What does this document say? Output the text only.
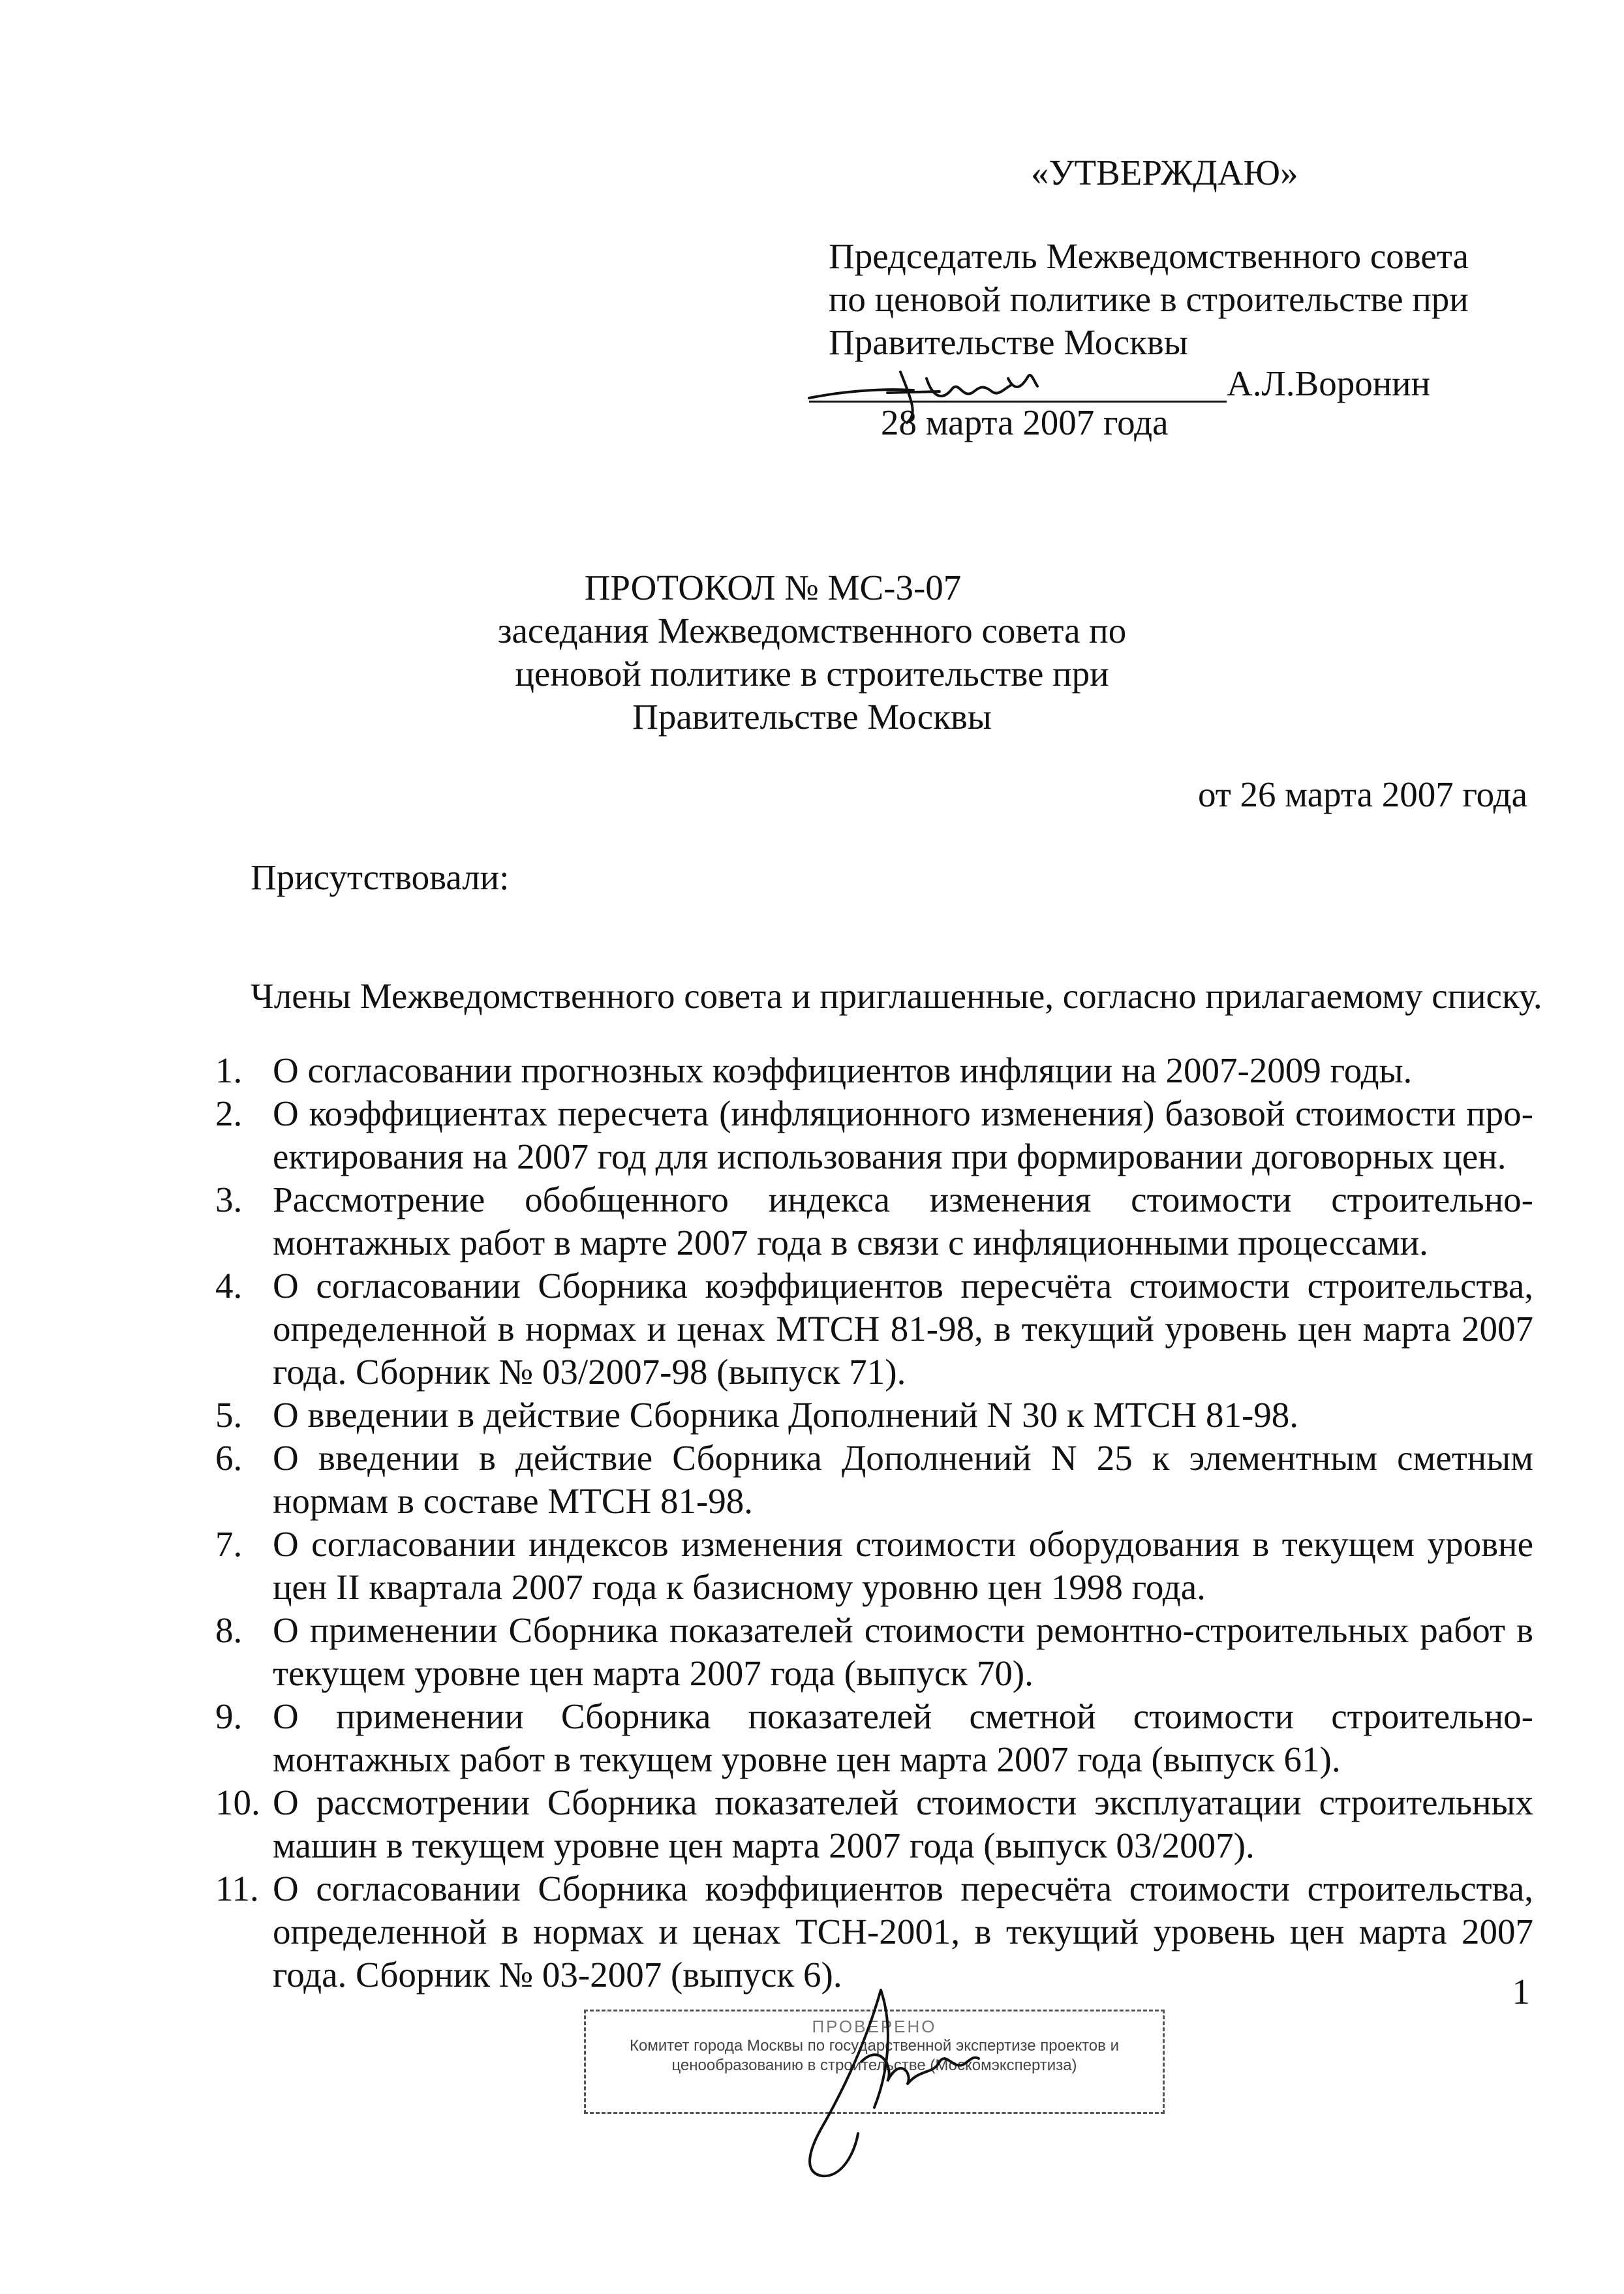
«УТВЕРЖДАЮ»
Председатель Межведомственного совета
по ценовой политике в строительстве при
Правительстве Москвы
А.Л.Воронин
28 марта 2007 года
ПРОТОКОЛ № МС-3-07
заседания Межведомственного совета по
ценовой политике в строительстве при
Правительстве Москвы
от 26 марта 2007 года
Присутствовали:
Члены Межведомственного совета и приглашенные, согласно прилагаемому списку.
1. О согласовании прогнозных коэффициентов инфляции на 2007-2009 годы.
2. О коэффициентах пересчета (инфляционного изменения) базовой стоимости про-ектирования на 2007 год для использования при формировании договорных цен.
3. Рассмотрение обобщенного индекса изменения стоимости строительно-монтажных работ в марте 2007 года в связи с инфляционными процессами.
4. О согласовании Сборника коэффициентов пересчёта стоимости строительства, определенной в нормах и ценах МТСН 81-98, в текущий уровень цен марта 2007 года. Сборник № 03/2007-98 (выпуск 71).
5. О введении в действие Сборника Дополнений N 30 к МТСН 81-98.
6. О введении в действие Сборника Дополнений N 25 к элементным сметным нормам в составе МТСН 81-98.
7. О согласовании индексов изменения стоимости оборудования в текущем уровне цен II квартала 2007 года к базисному уровню цен 1998 года.
8. О применении Сборника показателей стоимости ремонтно-строительных работ в текущем уровне цен марта 2007 года (выпуск 70).
9. О применении Сборника показателей сметной стоимости строительно-монтажных работ в текущем уровне цен марта 2007 года (выпуск 61).
10. О рассмотрении Сборника показателей стоимости эксплуатации строительных машин в текущем уровне цен марта 2007 года (выпуск 03/2007).
11. О согласовании Сборника коэффициентов пересчёта стоимости строительства, определенной в нормах и ценах ТСН-2001, в текущий уровень цен марта 2007 года. Сборник № 03-2007 (выпуск 6).	1
ПРОВЕРЕНО
Комитет города Москвы по государственной экспертизе проектов и
ценообразованию в строительстве (Москомэкспертиза)
